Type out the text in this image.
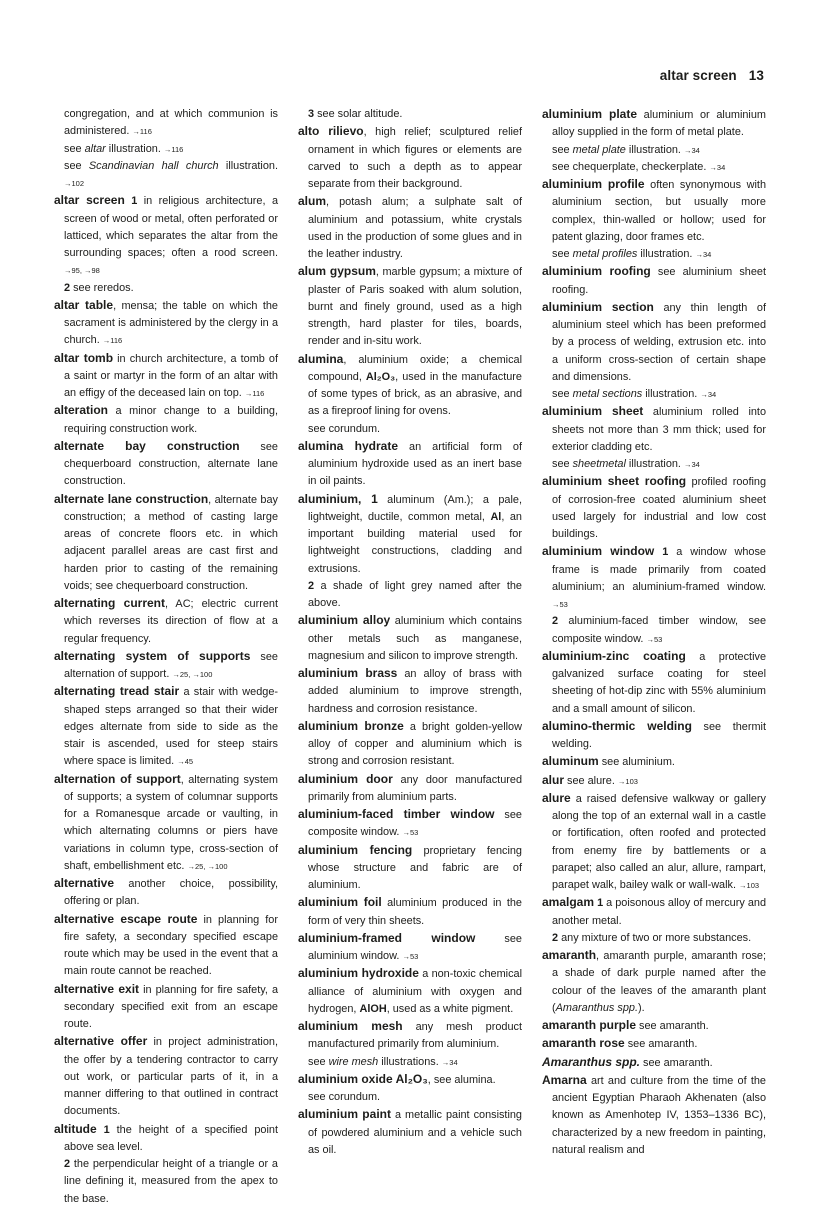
altar screen 13

congregation, and at which communion is administered. →116

see altar illustration. →116

see Scandinavian hall church illustration. →102

altar screen 1 in religious architecture, a screen of wood or metal, often perforated or latticed, which separates the altar from the surrounding spaces; often a rood screen. →95, →98

2 see reredos.

altar table, mensa; the table on which the sacrament is administered by the clergy in a church. →116

altar tomb in church architecture, a tomb of a saint or martyr in the form of an altar with an effigy of the deceased lain on top. →116

alteration a minor change to a building, requiring construction work.

alternate bay construction see chequerboard construction, alternate lane construction.

alternate lane construction, alternate bay construction; a method of casting large areas of concrete floors etc. in which adjacent parallel areas are cast first and harden prior to casting of the remaining voids; see chequerboard construction.

alternating current, AC; electric current which reverses its direction of flow at a regular frequency.

alternating system of supports see alternation of support. →25, →100

alternating tread stair a stair with wedge-shaped steps arranged so that their wider edges alternate from side to side as the stair is ascended, used for steep stairs where space is limited. →45

alternation of support, alternating system of supports; a system of columnar supports for a Romanesque arcade or vaulting, in which alternating columns or piers have variations in column type, cross-section of shaft, embellishment etc. →25, →100

alternative another choice, possibility, offering or plan.

alternative escape route in planning for fire safety, a secondary specified escape route which may be used in the event that a main route cannot be reached.

alternative exit in planning for fire safety, a secondary specified exit from an escape route.

alternative offer in project administration, the offer by a tendering contractor to carry out work, or particular parts of it, in a manner differing to that outlined in contract documents.

altitude 1 the height of a specified point above sea level.

2 the perpendicular height of a triangle or a line defining it, measured from the apex to the base.

3 see solar altitude.

alto rilievo, high relief; sculptured relief ornament in which figures or elements are carved to such a depth as to appear separate from their background.

alum, potash alum; a sulphate salt of aluminium and potassium, white crystals used in the production of some glues and in the leather industry.

alum gypsum, marble gypsum; a mixture of plaster of Paris soaked with alum solution, burnt and finely ground, used as a high strength, hard plaster for tiles, boards, render and in-situ work.

alumina, aluminium oxide; a chemical compound, Al₂O₃, used in the manufacture of some types of brick, as an abrasive, and as a fireproof lining for ovens.

see corundum.

alumina hydrate an artificial form of aluminium hydroxide used as an inert base in oil paints.

aluminium, 1 aluminum (Am.); a pale, lightweight, ductile, common metal, Al, an important building material used for lightweight constructions, cladding and extrusions.

2 a shade of light grey named after the above.

aluminium alloy aluminium which contains other metals such as manganese, magnesium and silicon to improve strength.

aluminium brass an alloy of brass with added aluminium to improve strength, hardness and corrosion resistance.

aluminium bronze a bright golden-yellow alloy of copper and aluminium which is strong and corrosion resistant.

aluminium door any door manufactured primarily from aluminium parts.

aluminium-faced timber window see composite window. →53

aluminium fencing proprietary fencing whose structure and fabric are of aluminium.

aluminium foil aluminium produced in the form of very thin sheets.

aluminium-framed window see aluminium window. →53

aluminium hydroxide a non-toxic chemical alliance of aluminium with oxygen and hydrogen, AlOH, used as a white pigment.

aluminium mesh any mesh product manufactured primarily from aluminium.

see wire mesh illustrations. →34

aluminium oxide Al₂O₃, see alumina.

see corundum.

aluminium paint a metallic paint consisting of powdered aluminium and a vehicle such as oil.

aluminium plate aluminium or aluminium alloy supplied in the form of metal plate.

see metal plate illustration. →34

see chequerplate, checkerplate. →34

aluminium profile often synonymous with aluminium section, but usually more complex, thin-walled or hollow; used for patent glazing, door frames etc.

see metal profiles illustration. →34

aluminium roofing see aluminium sheet roofing.

aluminium section any thin length of aluminium steel which has been preformed by a process of welding, extrusion etc. into a uniform cross-section of certain shape and dimensions.

see metal sections illustration. →34

aluminium sheet aluminium rolled into sheets not more than 3 mm thick; used for exterior cladding etc.

see sheetmetal illustration. →34

aluminium sheet roofing profiled roofing of corrosion-free coated aluminium sheet used largely for industrial and low cost buildings.

aluminium window 1 a window whose frame is made primarily from coated aluminium; an aluminium-framed window. →53

2 aluminium-faced timber window, see composite window. →53

aluminium-zinc coating a protective galvanized surface coating for steel sheeting of hot-dip zinc with 55% aluminium and a small amount of silicon.

alumino-thermic welding see thermit welding.

aluminum see aluminium.

alur see alure. →103

alure a raised defensive walkway or gallery along the top of an external wall in a castle or fortification, often roofed and protected from enemy fire by battlements or a parapet; also called an alur, allure, rampart, parapet walk, bailey walk or wall-walk. →103

amalgam 1 a poisonous alloy of mercury and another metal.

2 any mixture of two or more substances.

amaranth, amaranth purple, amaranth rose; a shade of dark purple named after the colour of the leaves of the amaranth plant (Amaranthus spp.).

amaranth purple see amaranth.

amaranth rose see amaranth.

Amaranthus spp. see amaranth.

Amarna art and culture from the time of the ancient Egyptian Pharaoh Akhenaten (also known as Amenhotep IV, 1353–1336 BC), characterized by a new freedom in painting, natural realism and
